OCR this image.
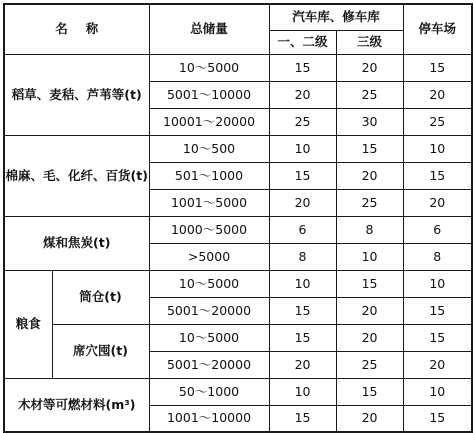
名称		总储量	汽车库、修车库		停车场
			一、二级	三级	
稻草、麦秸、芦苇等(t)		10～5000	15	20	15
		5001～10000	20	25	20
		10001～20000	25	30	25
棉麻、毛、化纤、百货(t)		10～500	10	15	10
		501～1000	15	20	15
		1001～5000	20	25	20
煤和焦炭(t)		1000～5000	6	8	6
		>5000	8	10	8
粮食	筒仓(t)	10～5000	10	15	10
		5001～20000	15	20	15
	席穴囤(t)	10～5000	15	20	15
		5001～20000	20	25	20
木材等可燃材料(m³)		50～1000	10	15	10
		1001～10000	15	20	15
